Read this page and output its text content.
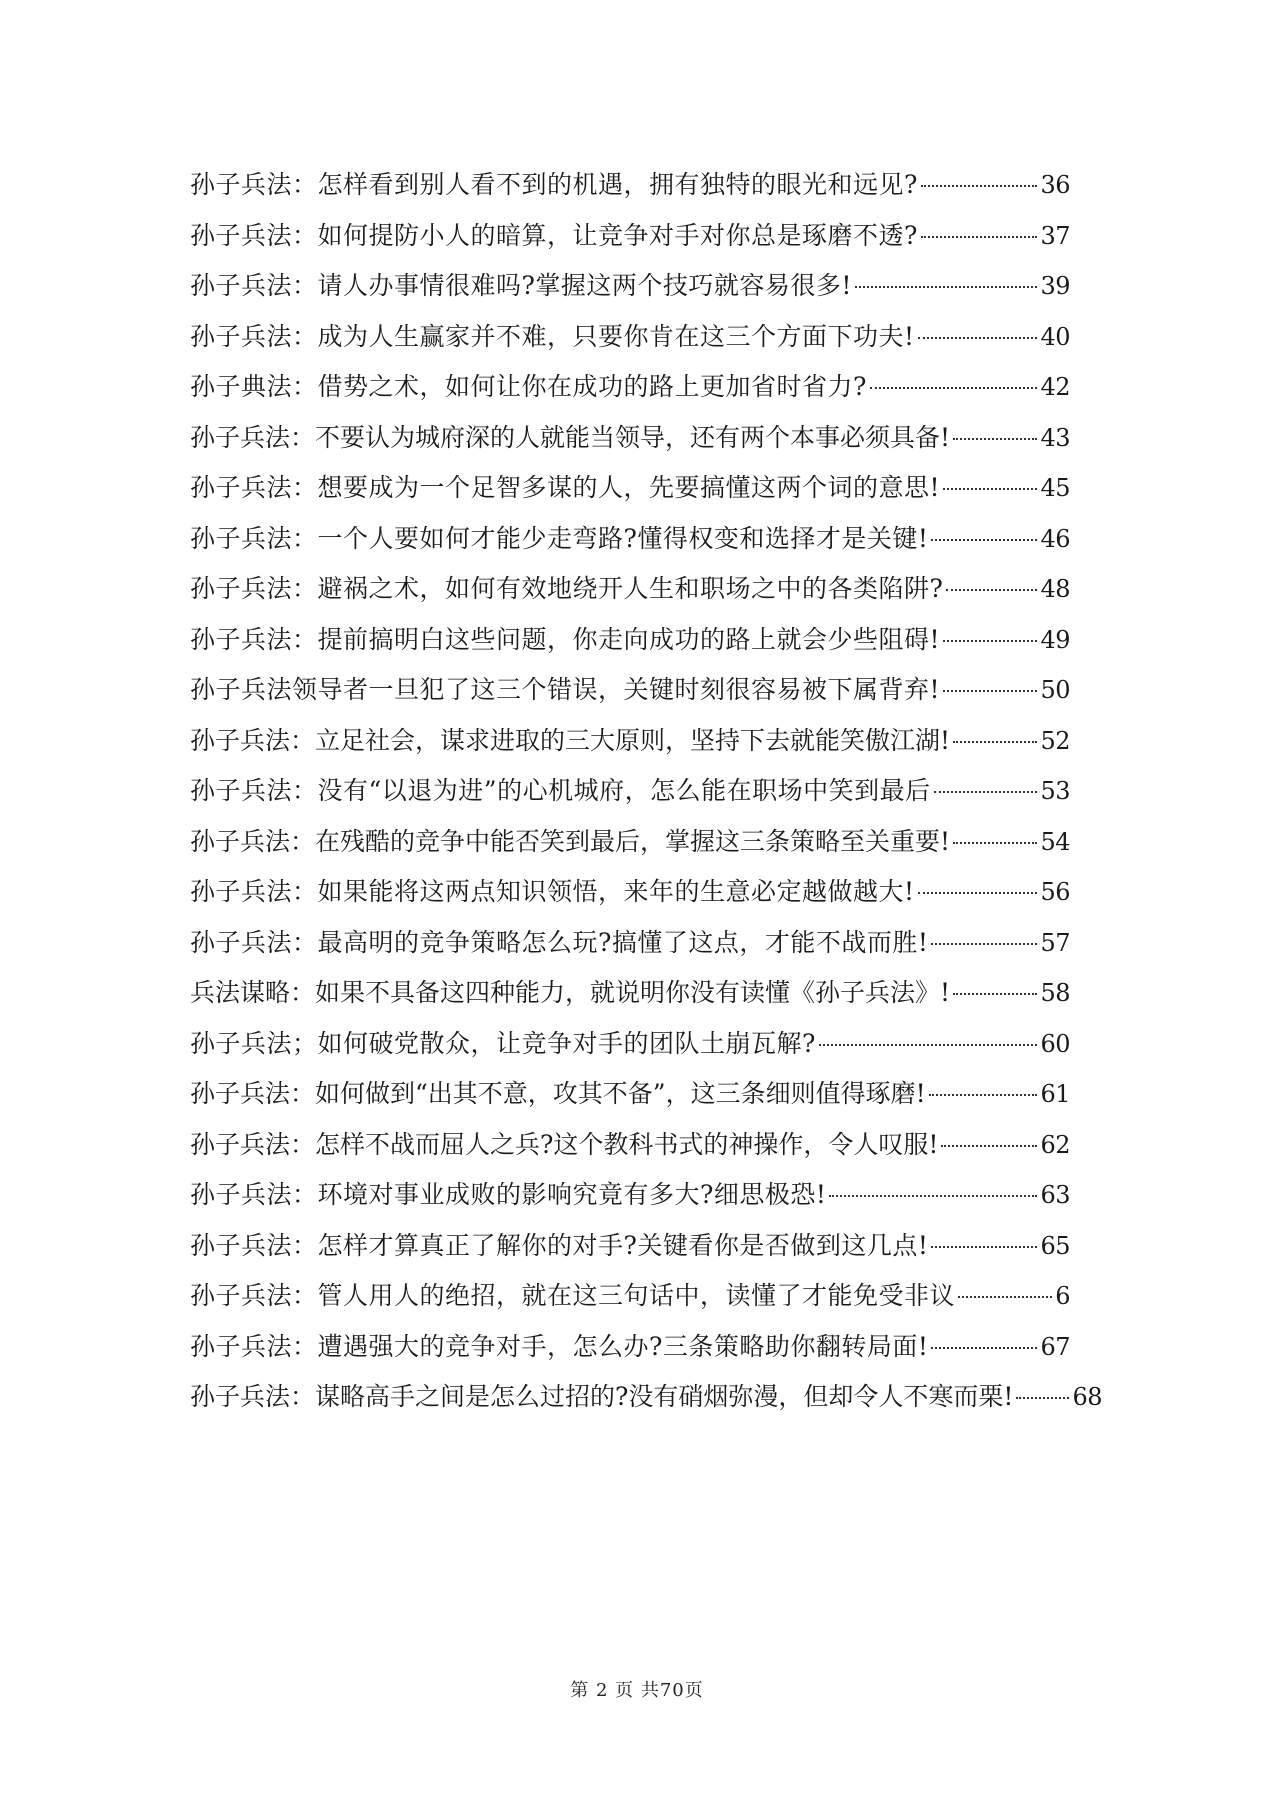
孙子兵法：怎样看到别人看不到的机遇，拥有独特的眼光和远见?	36
孙子兵法：如何提防小人的暗算，让竞争对手对你总是琢磨不透?	37
孙子兵法：请人办事情很难吗?掌握这两个技巧就容易很多!	39
孙子兵法：成为人生赢家并不难，只要你肯在这三个方面下功夫!	40
孙子典法：借势之术，如何让你在成功的路上更加省时省力?	42
孙子兵法：不要认为城府深的人就能当领导，还有两个本事必须具备!	43
孙子兵法：想要成为一个足智多谋的人，先要搞懂这两个词的意思!	45
孙子兵法：一个人要如何才能少走弯路?懂得权变和选择才是关键!	46
孙子兵法：避祸之术，如何有效地绕开人生和职场之中的各类陷阱?	48
孙子兵法：提前搞明白这些问题，你走向成功的路上就会少些阻碍!	49
孙子兵法领导者一旦犯了这三个错误，关键时刻很容易被下属背弃!	50
孙子兵法：立足社会，谋求进取的三大原则，坚持下去就能笑傲江湖!	52
孙子兵法：没有“以退为进”的心机城府，怎么能在职场中笑到最后	53
孙子兵法：在残酷的竞争中能否笑到最后，掌握这三条策略至关重要!	54
孙子兵法：如果能将这两点知识领悟，来年的生意必定越做越大!	56
孙子兵法：最高明的竞争策略怎么玩?搞懂了这点，才能不战而胜!	57
兵法谋略：如果不具备这四种能力，就说明你没有读懂《孙子兵法》!	58
孙子兵法；如何破党散众，让竞争对手的团队土崩瓦解?	60
孙子兵法：如何做到“出其不意，攻其不备”，这三条细则值得琢磨!	61
孙子兵法：怎样不战而屈人之兵?这个教科书式的神操作，令人叹服!	62
孙子兵法：环境对事业成败的影响究竟有多大?细思极恐!	63
孙子兵法：怎样才算真正了解你的对手?关键看你是否做到这几点!	65
孙子兵法：管人用人的绝招，就在这三句话中，读懂了才能免受非议	6
孙子兵法：遭遇强大的竞争对手，怎么办?三条策略助你翻转局面!	67
孙子兵法：谋略高手之间是怎么过招的?没有硝烟弥漫，但却令人不寒而栗! 68
第 2 页 共70页
